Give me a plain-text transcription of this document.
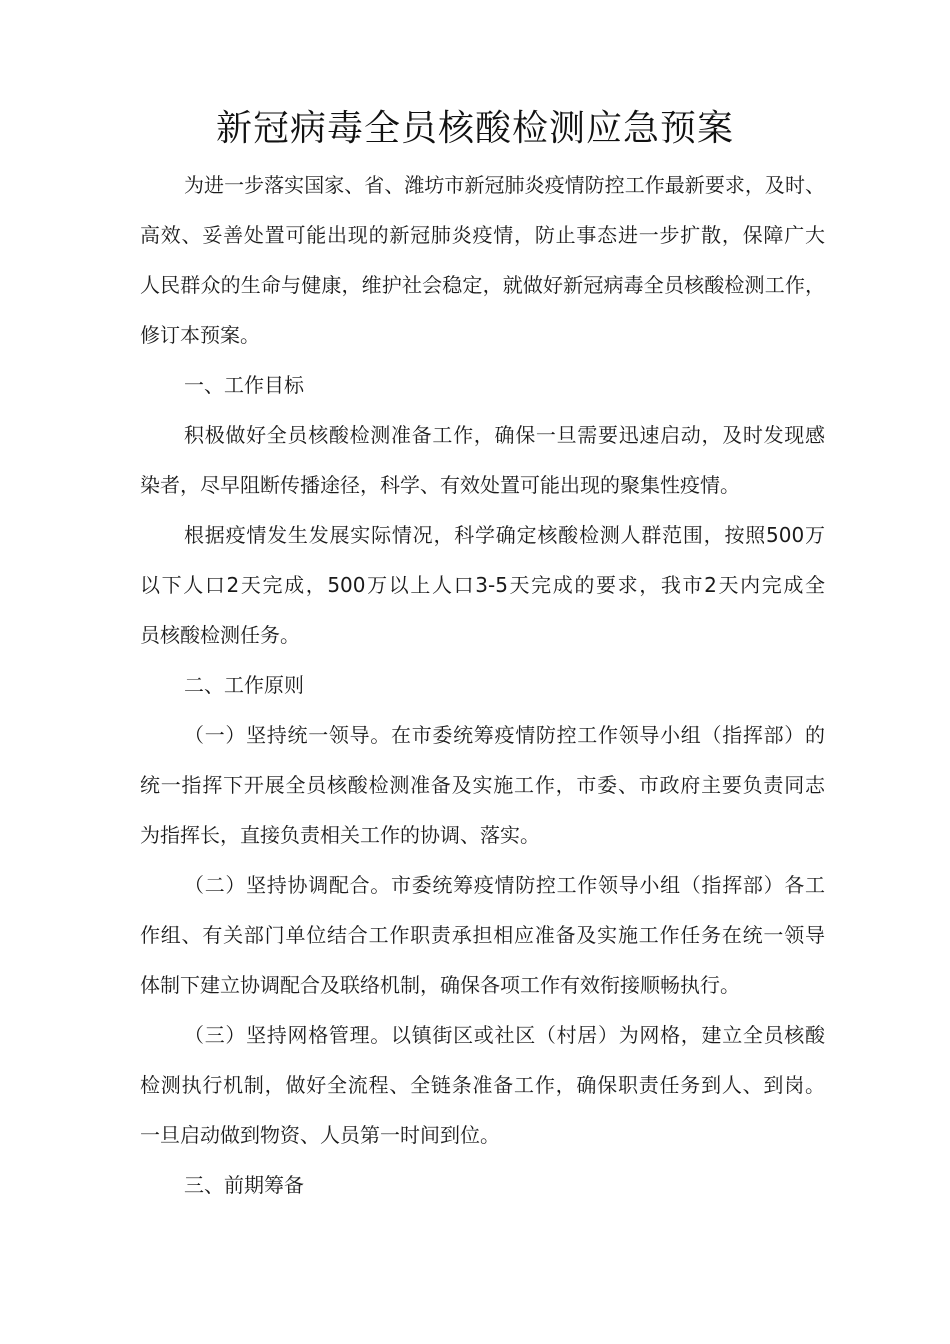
新冠病毒全员核酸检测应急预案
为进一步落实国家、省、潍坊市新冠肺炎疫情防控工作最新要求，及时、
高效、妥善处置可能出现的新冠肺炎疫情，防止事态进一步扩散，保障广大
人民群众的生命与健康，维护社会稳定，就做好新冠病毒全员核酸检测工作，
修订本预案。
一、工作目标
积极做好全员核酸检测准备工作，确保一旦需要迅速启动，及时发现感
染者，尽早阻断传播途径，科学、有效处置可能出现的聚集性疫情。
根据疫情发生发展实际情况，科学确定核酸检测人群范围，按照500万
以下人口2天完成，500万以上人口3-5天完成的要求，我市2天内完成全
员核酸检测任务。
二、工作原则
（一）坚持统一领导。在市委统筹疫情防控工作领导小组（指挥部）的
统一指挥下开展全员核酸检测准备及实施工作，市委、市政府主要负责同志
为指挥长，直接负责相关工作的协调、落实。
（二）坚持协调配合。市委统筹疫情防控工作领导小组（指挥部）各工
作组、有关部门单位结合工作职责承担相应准备及实施工作任务在统一领导
体制下建立协调配合及联络机制，确保各项工作有效衔接顺畅执行。
（三）坚持网格管理。以镇街区或社区（村居）为网格，建立全员核酸
检测执行机制，做好全流程、全链条准备工作，确保职责任务到人、到岗。
一旦启动做到物资、人员第一时间到位。
三、前期筹备
